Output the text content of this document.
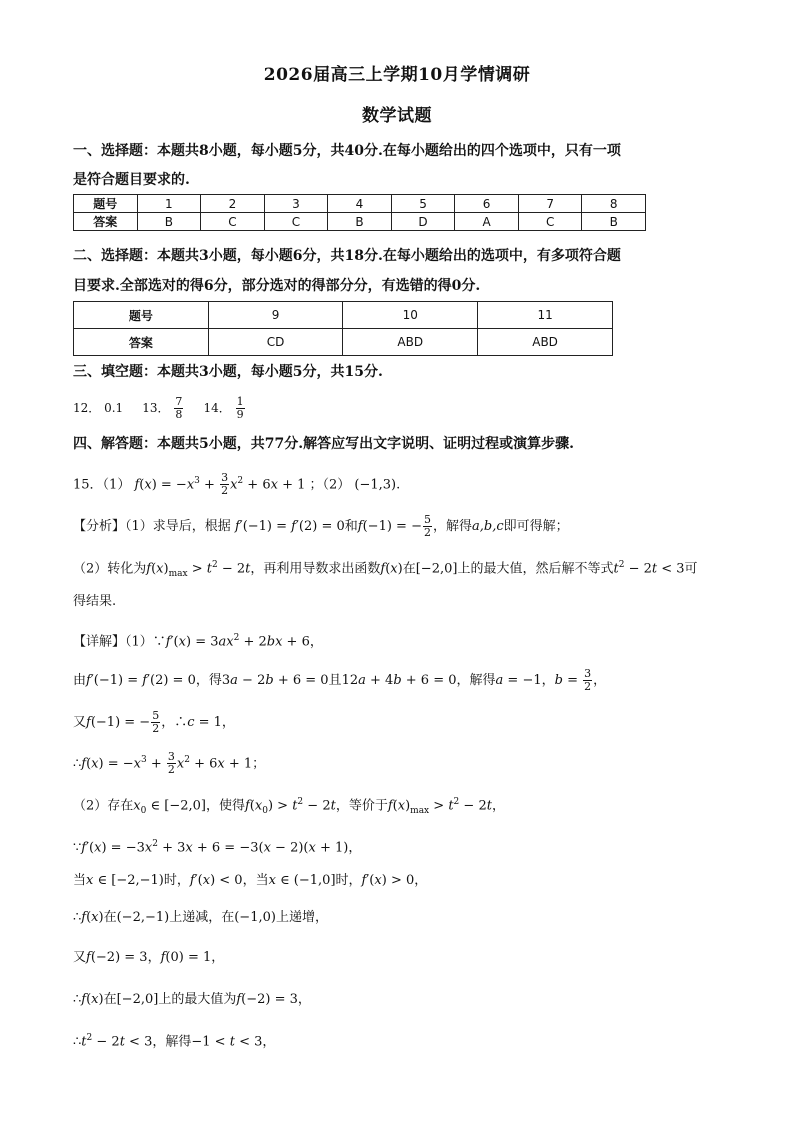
2026届高三上学期10月学情调研
数学试题
一、选择题：本题共8小题，每小题5分，共40分.在每小题给出的四个选项中，只有一项
是符合题目要求的.
题号	1	2	3	4	5	6	7	8
答案	B	C	C	B	D	A	C	B
二、选择题：本题共3小题，每小题6分，共18分.在每小题给出的选项中，有多项符合题
目要求.全部选对的得6分，部分选对的得部分分，有选错的得0分.
题号	9	10	11
答案	CD	ABD	ABD
三、填空题：本题共3小题，每小题5分，共15分.
12． 0.1 13． $\frac{7}{8} 14$． $\frac{1}{9}$
四、解答题：本题共5小题，共77分.解答应写出文字说明、证明过程或演算步骤.
15．（1） $f(x) = -x^3 + \frac{3}{2} x^2 + 6x + 1$ ；（2） (−1,3).
【分析】（1）求导后，根据 f′(−1) = f′(2) = 0和f(−1) = − $\frac{5}{2}$ ，解得a,b,c即可得解；
（2）转化为$f(x)_{max} > t^2 - 2t$，再利用导数求出函数f(x)在[−2,0]上的最大值，然后解不等式$t^2 - 2t < 3$可
得结果.
【详解】（1）∵f′(x) = $3ax^2 + 2bx + 6$，
由f′(−1) = f′(2) = 0，得3a − 2b + 6 = 0且12a + 4b + 6 = 0，解得a = −1，$b = \frac{3}{2}$ ，
又f(−1) = − $\frac{5}{2}$ ，∴c = 1，
∴f(x) = $-x^3 + \frac{3}{2} x^2 + 6x + 1$；
（2）存在$x_0$ ∈ [−2,0]，使得$f(x_0) > t^2 - 2t$，等价于$f(x)_{max} > t^2 - 2t$，
∵f′(x) = $-3x^2 + 3x + 6 = -3(x - 2)(x + 1)$，
当x ∈ [−2,−1)时，f′(x) < 0，当x ∈ (−1,0]时，f′(x) > 0，
∴f(x)在(−2,−1)上递减，在(−1,0)上递增，
又f(−2) = 3，f(0) = 1，
∴f(x)在[−2,0]上的最大值为f(−2) = 3，
$\therefore t^2 - 2t < 3$，解得−1 < t < 3，
